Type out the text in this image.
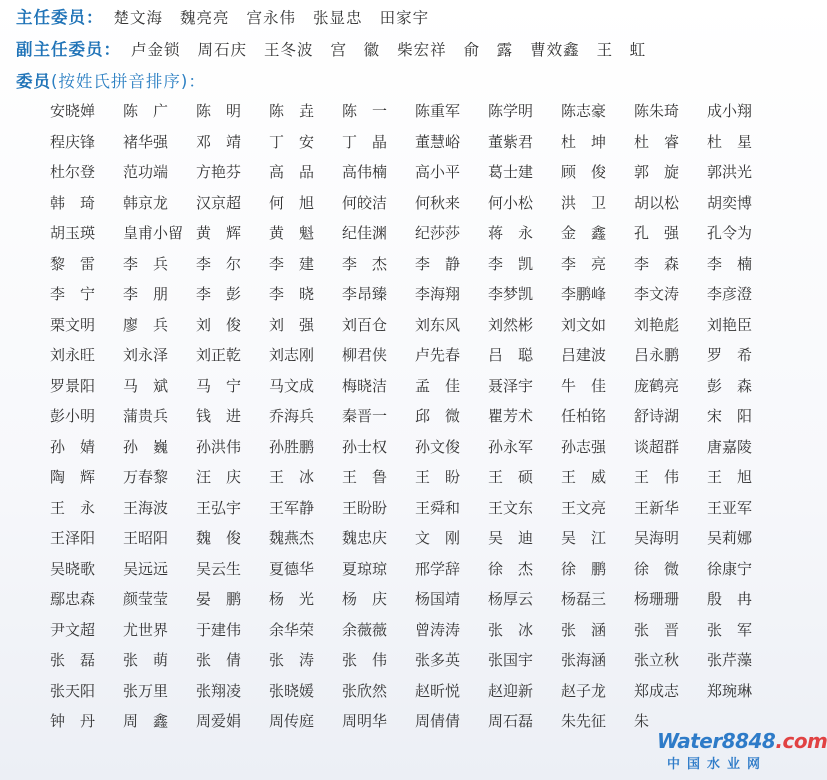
主任委员： 楚文海 魏亮亮 宫永伟 张显忠 田家宇
副主任委员： 卢金锁 周石庆 王冬波 宫　徽 柴宏祥 俞　露 曹效鑫 王　虹
委员(按姓氏拼音排序)：
安晓婵	陈　广	陈　明	陈　垚	陈　一	陈重军	陈学明	陈志豪	陈朱琦	成小翔
程庆锋	褚华强	邓　靖	丁　安	丁　晶	董慧峪	董紫君	杜　坤	杜　睿	杜　星
杜尔登	范功端	方艳芬	高　品	高伟楠	高小平	葛士建	顾　俊	郭　旋	郭洪光
韩　琦	韩京龙	汉京超	何　旭	何皎洁	何秋来	何小松	洪　卫	胡以松	胡奕博
胡玉瑛	皇甫小留 黄　辉	黄　魁	纪佳渊	纪莎莎	蒋　永	金　鑫	孔　强	孔令为
黎　雷	李　兵	李　尔	李　建	李　杰	李　静	李　凯	李　亮	李　森	李　楠
李　宁	李　朋	李　彭	李　晓	李昂臻	李海翔	李梦凯	李鹏峰	李文涛	李彦澄
栗文明	廖　兵	刘　俊	刘　强	刘百仓	刘东风	刘然彬	刘文如	刘艳彪	刘艳臣
刘永旺	刘永泽	刘正乾	刘志刚	柳君侠	卢先春	吕　聪	吕建波	吕永鹏	罗　希
罗景阳	马　斌	马　宁	马文成	梅晓洁	孟　佳	聂泽宇	牛　佳	庞鹤亮	彭　森
彭小明	蒲贵兵	钱　进	乔海兵	秦晋一	邱　微	瞿芳术	任柏铭	舒诗湖	宋　阳
孙　婧	孙　巍	孙洪伟	孙胜鹏	孙士权	孙文俊	孙永军	孙志强	谈超群	唐嘉陵
陶　辉	万春黎	汪　庆	王　冰	王　鲁	王　盼	王　硕	王　威	王　伟	王　旭
王　永	王海波	王弘宇	王军静	王盼盼	王舜和	王文东	王文亮	王新华	王亚军
王泽阳	王昭阳	魏　俊	魏燕杰	魏忠庆	文　刚	吴　迪	吴　江	吴海明	吴莉娜
吴晓歌	吴远远	吴云生	夏德华	夏琼琼	邢学辞	徐　杰	徐　鹏	徐　微	徐康宁
鄢忠森	颜莹莹	晏　鹏	杨　光	杨　庆	杨国靖	杨厚云	杨磊三	杨珊珊	殷　冉
尹文超	尤世界	于建伟	余华荣	余薇薇	曾涛涛	张　冰	张　涵	张　晋	张　军
张　磊	张　萌	张　倩	张　涛	张　伟	张多英	张国宇	张海涵	张立秋	张芹藻
张天阳	张万里	张翔凌	张晓媛	张欣然	赵昕悦	赵迎新	赵子龙	郑成志	郑琬琳
钟　丹	周　鑫	周爱娟	周传庭	周明华	周倩倩	周石磊	朱先征	朱
Water8848.com
中国水业网
